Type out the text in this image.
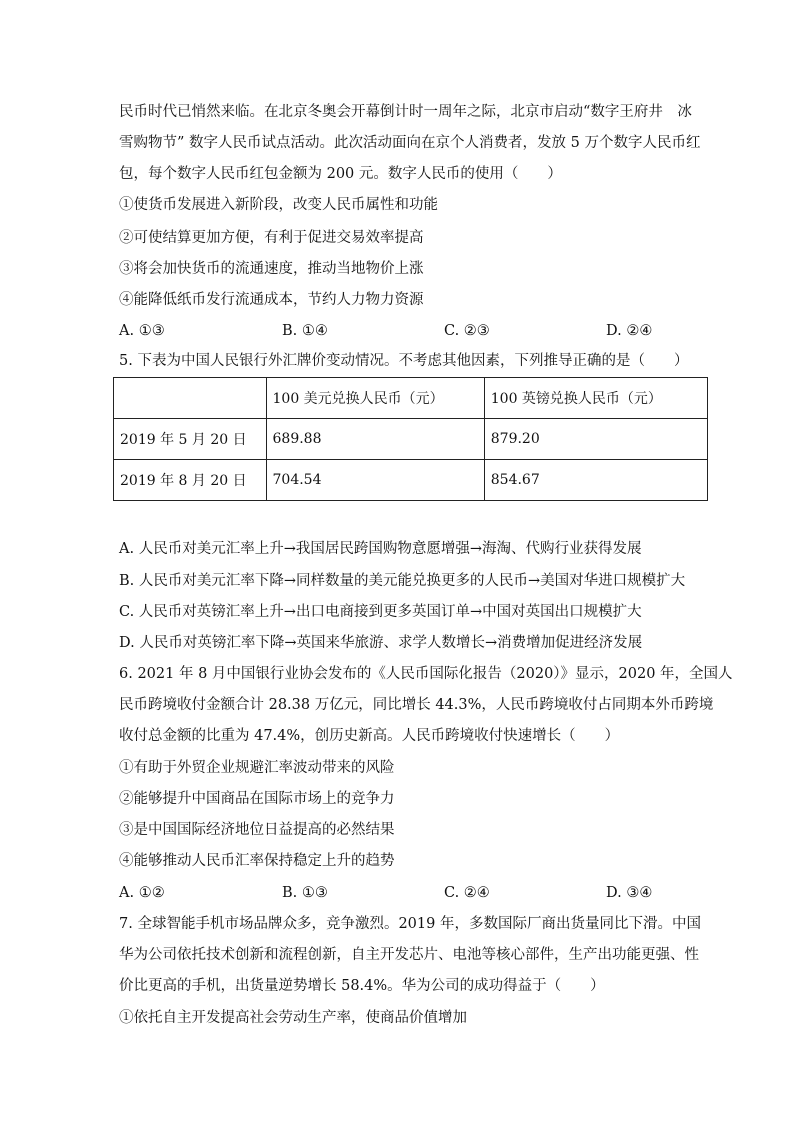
民币时代已悄然来临。在北京冬奥会开幕倒计时一周年之际，北京市启动“数字王府井　冰
雪购物节” 数字人民币试点活动。此次活动面向在京个人消费者，发放 5 万个数字人民币红
包，每个数字人民币红包金额为 200 元。数字人民币的使用（　　）
①使货币发展进入新阶段，改变人民币属性和功能
②可使结算更加方便，有利于促进交易效率提高
③将会加快货币的流通速度，推动当地物价上涨
④能降低纸币发行流通成本，节约人力物力资源
A. ①③	B. ①④	C. ②③	D. ②④
5. 下表为中国人民银行外汇牌价变动情况。不考虑其他因素，下列推导正确的是（　　）
	100 美元兑换人民币（元）	100 英镑兑换人民币（元）
2019 年 5 月 20 日	689.88	879.20
2019 年 8 月 20 日	704.54	854.67
A. 人民币对美元汇率上升→我国居民跨国购物意愿增强→海淘、代购行业获得发展
B. 人民币对美元汇率下降→同样数量的美元能兑换更多的人民币→美国对华进口规模扩大
C. 人民币对英镑汇率上升→出口电商接到更多英国订单→中国对英国出口规模扩大
D. 人民币对英镑汇率下降→英国来华旅游、求学人数增长→消费增加促进经济发展
6. 2021 年 8 月中国银行业协会发布的《人民币国际化报告（2020）》显示，2020 年，全国人
民币跨境收付金额合计 28.38 万亿元，同比增长 44.3%，人民币跨境收付占同期本外币跨境
收付总金额的比重为 47.4%，创历史新高。人民币跨境收付快速增长（　　）
①有助于外贸企业规避汇率波动带来的风险
②能够提升中国商品在国际市场上的竞争力
③是中国国际经济地位日益提高的必然结果
④能够推动人民币汇率保持稳定上升的趋势
A. ①②	B. ①③	C. ②④	D. ③④
7. 全球智能手机市场品牌众多，竞争激烈。2019 年，多数国际厂商出货量同比下滑。中国
华为公司依托技术创新和流程创新，自主开发芯片、电池等核心部件，生产出功能更强、性
价比更高的手机，出货量逆势增长 58.4%。华为公司的成功得益于（　　）
①依托自主开发提高社会劳动生产率，使商品价值增加
